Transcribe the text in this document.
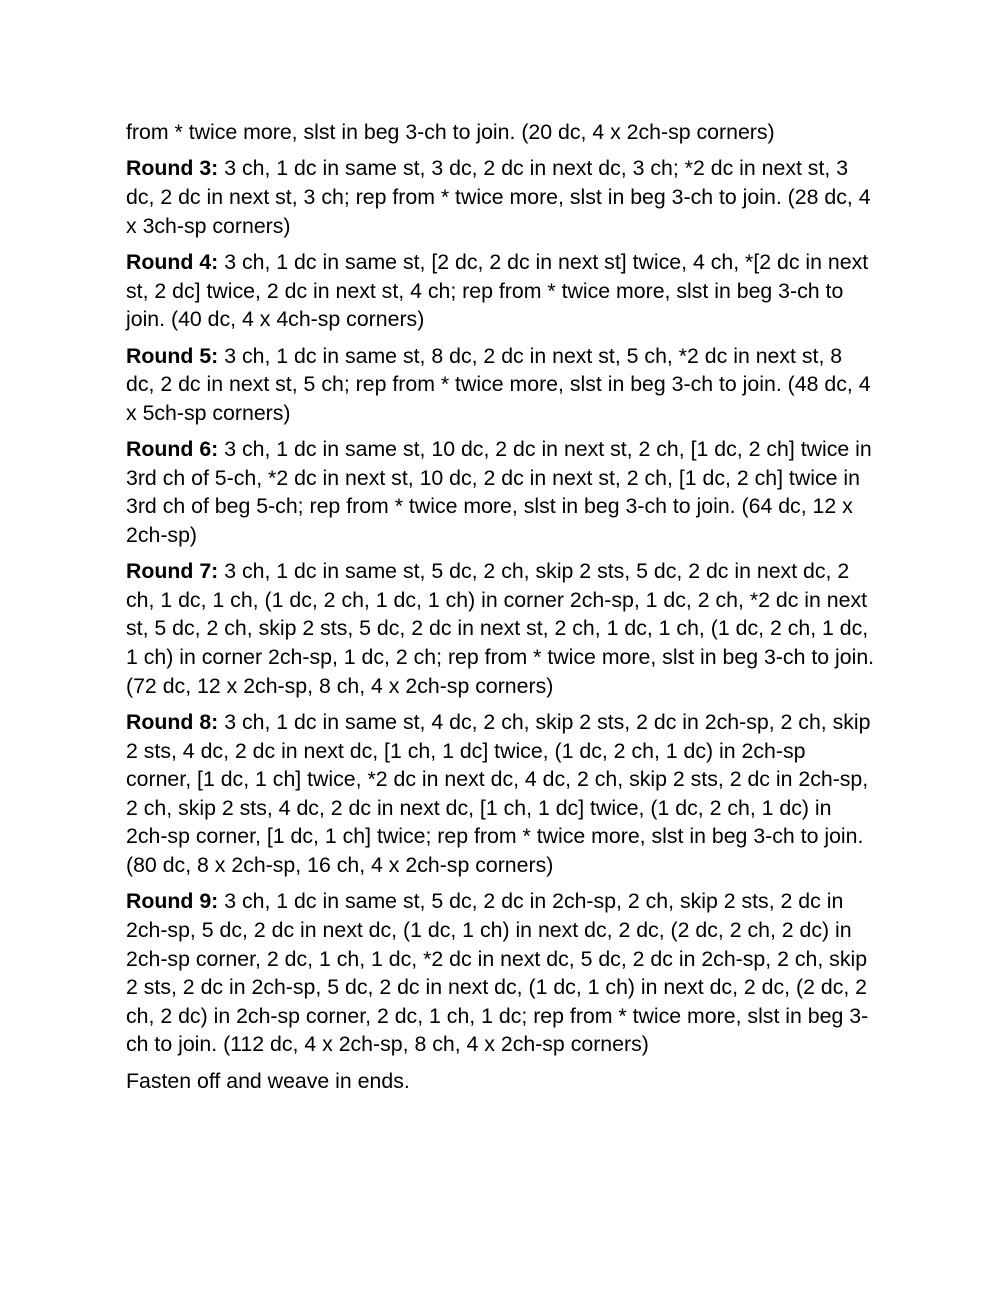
from * twice more, slst in beg 3-ch to join. (20 dc, 4 x 2ch-sp corners)

Round 3: 3 ch, 1 dc in same st, 3 dc, 2 dc in next dc, 3 ch; *2 dc in next st, 3 dc, 2 dc in next st, 3 ch; rep from * twice more, slst in beg 3-ch to join. (28 dc, 4 x 3ch-sp corners)

Round 4: 3 ch, 1 dc in same st, [2 dc, 2 dc in next st] twice, 4 ch, *[2 dc in next st, 2 dc] twice, 2 dc in next st, 4 ch; rep from * twice more, slst in beg 3-ch to join. (40 dc, 4 x 4ch-sp corners)

Round 5: 3 ch, 1 dc in same st, 8 dc, 2 dc in next st, 5 ch, *2 dc in next st, 8 dc, 2 dc in next st, 5 ch; rep from * twice more, slst in beg 3-ch to join. (48 dc, 4 x 5ch-sp corners)

Round 6: 3 ch, 1 dc in same st, 10 dc, 2 dc in next st, 2 ch, [1 dc, 2 ch] twice in 3rd ch of 5-ch, *2 dc in next st, 10 dc, 2 dc in next st, 2 ch, [1 dc, 2 ch] twice in 3rd ch of beg 5-ch; rep from * twice more, slst in beg 3-ch to join. (64 dc, 12 x 2ch-sp)

Round 7: 3 ch, 1 dc in same st, 5 dc, 2 ch, skip 2 sts, 5 dc, 2 dc in next dc, 2 ch, 1 dc, 1 ch, (1 dc, 2 ch, 1 dc, 1 ch) in corner 2ch-sp, 1 dc, 2 ch, *2 dc in next st, 5 dc, 2 ch, skip 2 sts, 5 dc, 2 dc in next st, 2 ch, 1 dc, 1 ch, (1 dc, 2 ch, 1 dc, 1 ch) in corner 2ch-sp, 1 dc, 2 ch; rep from * twice more, slst in beg 3-ch to join. (72 dc, 12 x 2ch-sp, 8 ch, 4 x 2ch-sp corners)

Round 8: 3 ch, 1 dc in same st, 4 dc, 2 ch, skip 2 sts, 2 dc in 2ch-sp, 2 ch, skip 2 sts, 4 dc, 2 dc in next dc, [1 ch, 1 dc] twice, (1 dc, 2 ch, 1 dc) in 2ch-sp corner, [1 dc, 1 ch] twice, *2 dc in next dc, 4 dc, 2 ch, skip 2 sts, 2 dc in 2ch-sp, 2 ch, skip 2 sts, 4 dc, 2 dc in next dc, [1 ch, 1 dc] twice, (1 dc, 2 ch, 1 dc) in 2ch-sp corner, [1 dc, 1 ch] twice; rep from * twice more, slst in beg 3-ch to join. (80 dc, 8 x 2ch-sp, 16 ch, 4 x 2ch-sp corners)

Round 9: 3 ch, 1 dc in same st, 5 dc, 2 dc in 2ch-sp, 2 ch, skip 2 sts, 2 dc in 2ch-sp, 5 dc, 2 dc in next dc, (1 dc, 1 ch) in next dc, 2 dc, (2 dc, 2 ch, 2 dc) in 2ch-sp corner, 2 dc, 1 ch, 1 dc, *2 dc in next dc, 5 dc, 2 dc in 2ch-sp, 2 ch, skip 2 sts, 2 dc in 2ch-sp, 5 dc, 2 dc in next dc, (1 dc, 1 ch) in next dc, 2 dc, (2 dc, 2 ch, 2 dc) in 2ch-sp corner, 2 dc, 1 ch, 1 dc; rep from * twice more, slst in beg 3-ch to join. (112 dc, 4 x 2ch-sp, 8 ch, 4 x 2ch-sp corners)

Fasten off and weave in ends.
